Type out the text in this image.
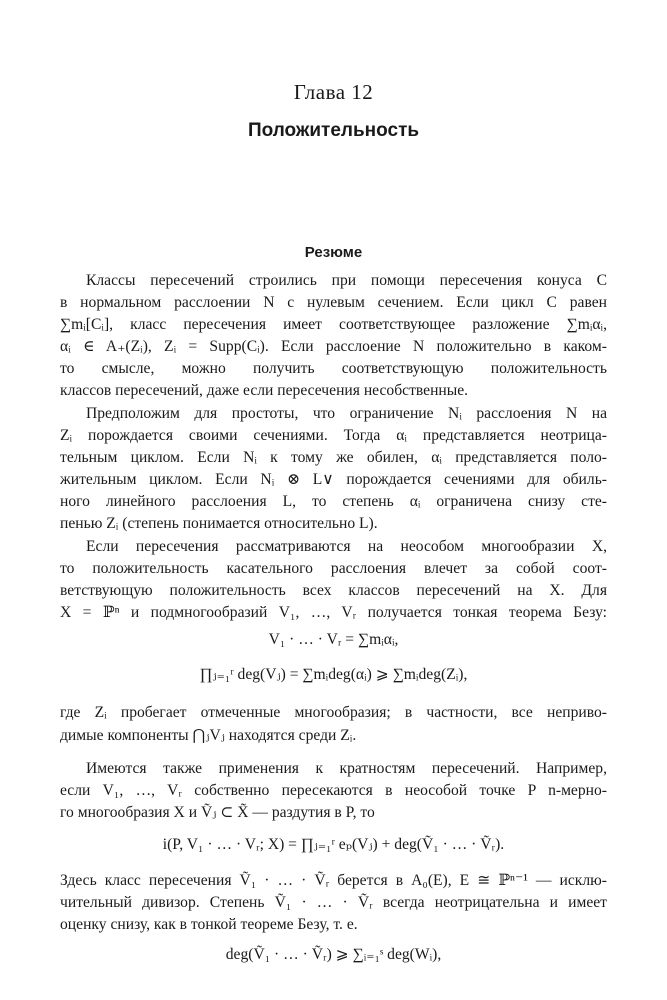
Глава 12
Положительность
Резюме
Классы пересечений строились при помощи пересечения конуса C
в нормальном расслоении N с нулевым сечением. Если цикл C равен
∑mᵢ[Cᵢ], класс пересечения имеет соответствующее разложение ∑mᵢαᵢ,
αᵢ ∈ A₊(Zᵢ), Zᵢ = Supp(Cᵢ). Если расслоение N положительно в каком-
то смысле, можно получить соответствующую положительность
классов пересечений, даже если пересечения несобственные.
Предположим для простоты, что ограничение Nᵢ расслоения N на
Zᵢ порождается своими сечениями. Тогда αᵢ представляется неотрица-
тельным циклом. Если Nᵢ к тому же обилен, αᵢ представляется поло-
жительным циклом. Если Nᵢ ⊗ L∨ порождается сечениями для обиль-
ного линейного расслоения L, то степень αᵢ ограничена снизу сте-
пенью Zᵢ (степень понимается относительно L).
Если пересечения рассматриваются на неособом многообразии X,
то положительность касательного расслоения влечет за собой соот-
ветствующую положительность всех классов пересечений на X. Для
X = ℙⁿ и подмногообразий V₁, …, Vᵣ получается тонкая теорема Безу:
V₁ · … · Vᵣ = ∑mᵢαᵢ,
∏ⱼ₌₁ʳ deg(Vⱼ) = ∑mᵢdeg(αᵢ) ⩾ ∑mᵢdeg(Zᵢ),
где Zᵢ пробегает отмеченные многообразия; в частности, все неприво-
димые компоненты ⋂ⱼVⱼ находятся среди Zᵢ.
Имеются также применения к кратностям пересечений. Например,
если V₁, …, Vᵣ собственно пересекаются в неособой точке P n-мерно-
го многообразия X и Ṽⱼ ⊂ X̃ — раздутия в P, то
i(P, V₁ · … · Vᵣ; X) = ∏ⱼ₌₁ʳ eₚ(Vⱼ) + deg(Ṽ₁ · … · Ṽᵣ).
Здесь класс пересечения Ṽ₁ · … · Ṽᵣ берется в A₀(E), E ≅ ℙⁿ⁻¹ — исклю-
чительный дивизор. Степень Ṽ₁ · … · Ṽᵣ всегда неотрицательна и имеет
оценку снизу, как в тонкой теореме Безу, т. е.
deg(Ṽ₁ · … · Ṽᵣ) ⩾ ∑ᵢ₌₁ˢ deg(Wᵢ),
